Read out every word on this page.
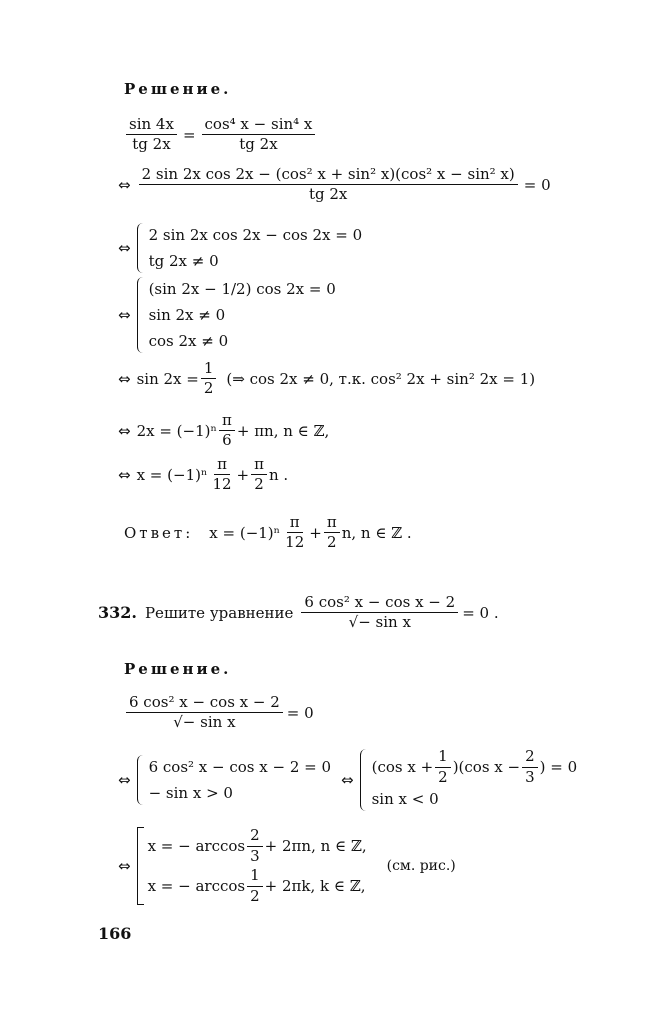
Решение.
$\frac{\sin 4x}{tg 2x} = \frac{\text{cos⁴ x − sin⁴ x}}{tg 2x}$
⇔ $\frac{\text{2 sin 2x cos 2x − (cos² x + sin² x)(cos² x − sin² x)}}{tg 2x} = 0$
⇔
2 sin 2x cos 2x − cos 2x = 0
tg 2x ≠ 0
⇔
(sin 2x − 1/2) cos 2x = 0
sin 2x ≠ 0
cos 2x ≠ 0
⇔ $\sin 2x = \frac{1}{2}$ (⇒ cos 2x ≠ 0, т.к. cos² 2x + sin² 2x = 1)
⇔ $2x = (-1)^n \frac{\pi}{6} + \pi n$, n ∈ ℤ,
⇔ $x = (-1)^n \frac{\pi}{12} + \frac{\pi}{2}$ n .
Ответ: $x = (-1)^n \frac{\pi}{12} + \frac{\pi}{2} n$, n ∈ ℤ .
332. Решите уравнение $\frac{\text{6 cos² x − cos x − 2}}{\text{√− sin x}} = 0$ .
Решение.
$\frac{\text{6 cos² x − cos x − 2}}{\text{√− sin x}} = 0$
⇔
6 cos² x − cos x − 2 = 0
− sin x > 0
⇔
(cos $x + \frac{1}{2} )(\cos$ $x - \frac{2}{3}$ ) = 0
sin x < 0
⇔
x = − $\arccos \frac{2}{3} + 2\pi n$, n ∈ ℤ,
x = − $\arccos \frac{1}{2} + 2\pi k$, k ∈ ℤ,
(см. рис.)
166
